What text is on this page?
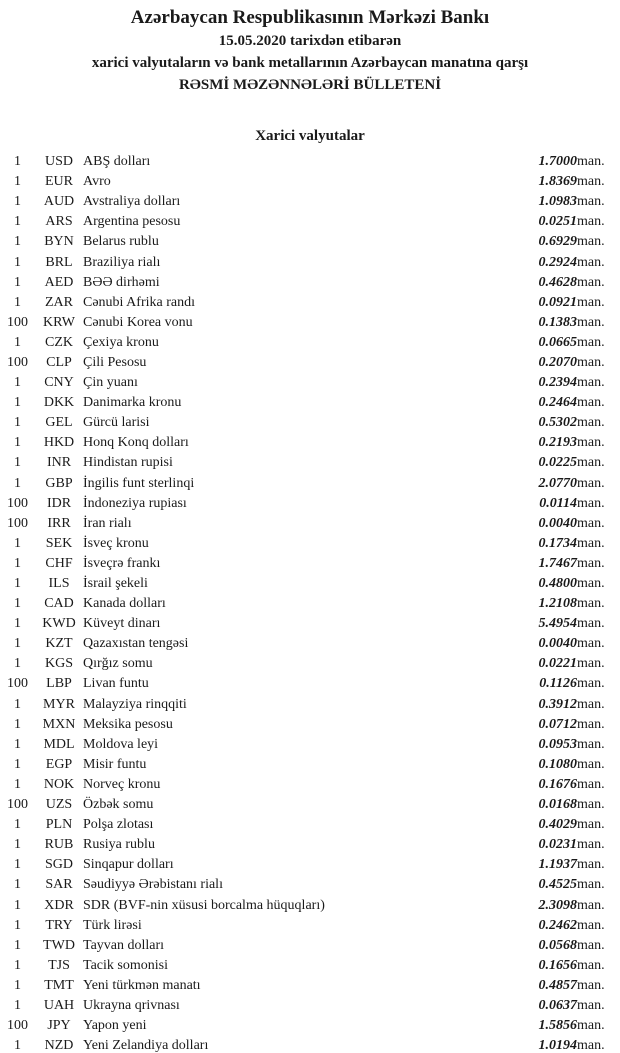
Azərbaycan Respublikasının Mərkəzi Bankı
15.05.2020 tarixdən etibarən
xarici valyutaların və bank metallarının Azərbaycan manatına qarşı
RƏSMİ MƏZƏNNƏLƏRİ BÜLLETENİ
Xarici valyutalar
1	USD	ABŞ dolları	1.7000	man.
1	EUR	Avro	1.8369	man.
1	AUD	Avstraliya dolları	1.0983	man.
1	ARS	Argentina pesosu	0.0251	man.
1	BYN	Belarus rublu	0.6929	man.
1	BRL	Braziliya rialı	0.2924	man.
1	AED	BƏƏ dirhəmi	0.4628	man.
1	ZAR	Cənubi Afrika randı	0.0921	man.
100	KRW	Cənubi Korea vonu	0.1383	man.
1	CZK	Çexiya kronu	0.0665	man.
100	CLP	Çili Pesosu	0.2070	man.
1	CNY	Çin yuanı	0.2394	man.
1	DKK	Danimarka kronu	0.2464	man.
1	GEL	Gürcü larisi	0.5302	man.
1	HKD	Honq Konq dolları	0.2193	man.
1	INR	Hindistan rupisi	0.0225	man.
1	GBP	İngilis funt sterlinqi	2.0770	man.
100	IDR	İndoneziya rupiası	0.0114	man.
100	IRR	İran rialı	0.0040	man.
1	SEK	İsveç kronu	0.1734	man.
1	CHF	İsveçrə frankı	1.7467	man.
1	ILS	İsrail şekeli	0.4800	man.
1	CAD	Kanada dolları	1.2108	man.
1	KWD	Küveyt dinarı	5.4954	man.
1	KZT	Qazaxıstan tengəsi	0.0040	man.
1	KGS	Qırğız somu	0.0221	man.
100	LBP	Livan funtu	0.1126	man.
1	MYR	Malayziya rinqqiti	0.3912	man.
1	MXN	Meksika pesosu	0.0712	man.
1	MDL	Moldova leyi	0.0953	man.
1	EGP	Misir funtu	0.1080	man.
1	NOK	Norveç kronu	0.1676	man.
100	UZS	Özbək somu	0.0168	man.
1	PLN	Polşa zlotası	0.4029	man.
1	RUB	Rusiya rublu	0.0231	man.
1	SGD	Sinqapur dolları	1.1937	man.
1	SAR	Səudiyyə Ərəbistanı rialı	0.4525	man.
1	XDR	SDR (BVF-nin xüsusi borcalma hüquqları)	2.3098	man.
1	TRY	Türk lirəsi	0.2462	man.
1	TWD	Tayvan dolları	0.0568	man.
1	TJS	Tacik somonisi	0.1656	man.
1	TMT	Yeni türkmən manatı	0.4857	man.
1	UAH	Ukrayna qrivnası	0.0637	man.
100	JPY	Yapon yeni	1.5856	man.
1	NZD	Yeni Zelandiya dolları	1.0194	man.
